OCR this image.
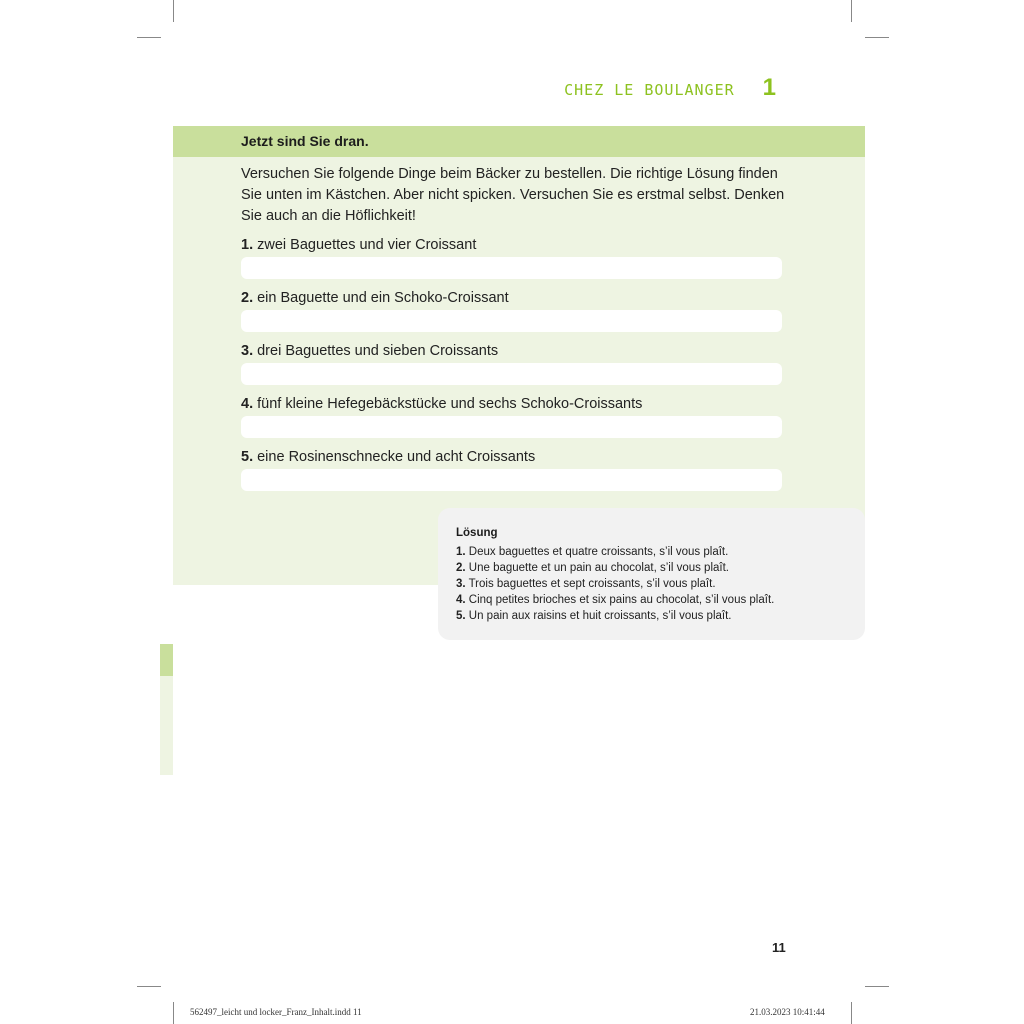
CHEZ LE BOULANGER 1
Jetzt sind Sie dran.
Versuchen Sie folgende Dinge beim Bäcker zu bestellen. Die richtige Lösung finden Sie unten im Kästchen. Aber nicht spicken. Versuchen Sie es erstmal selbst. Denken Sie auch an die Höflichkeit!
1. zwei Baguettes und vier Croissant
2. ein Baguette und ein Schoko-Croissant
3. drei Baguettes und sieben Croissants
4. fünf kleine Hefegebäckstücke und sechs Schoko-Croissants
5. eine Rosinenschnecke und acht Croissants
Lösung
1. Deux baguettes et quatre croissants, s’il vous plaît.
2. Une baguette et un pain au chocolat, s’il vous plaît.
3. Trois baguettes et sept croissants, s’il vous plaît.
4. Cinq petites brioches et six pains au chocolat, s’il vous plaît.
5. Un pain aux raisins et huit croissants, s’il vous plaît.
11
562497_leicht und locker_Franz_Inhalt.indd 11	21.03.2023 10:41:44
